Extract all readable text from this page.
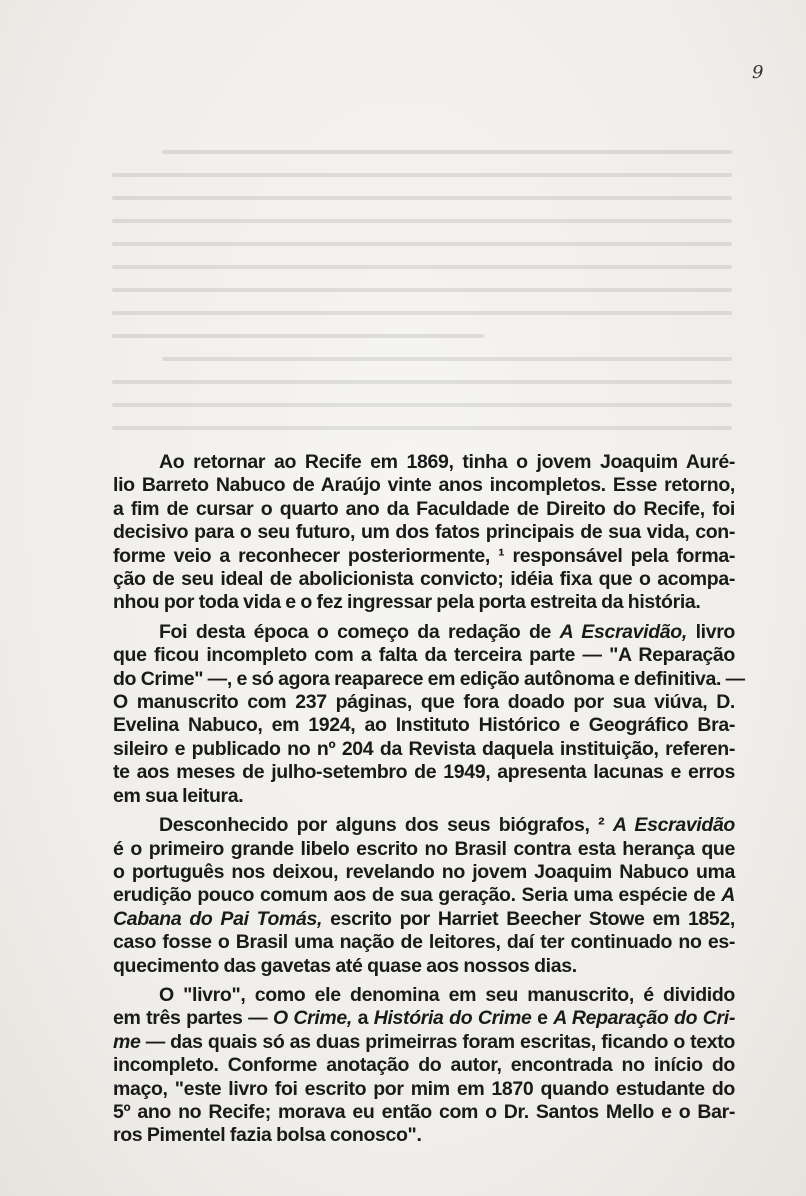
9
Ao retornar ao Recife em 1869, tinha o jovem Joaquim Auré-
lio Barreto Nabuco de Araújo vinte anos incompletos. Esse retorno,
a fim de cursar o quarto ano da Faculdade de Direito do Recife, foi
decisivo para o seu futuro, um dos fatos principais de sua vida, con-
forme veio a reconhecer posteriormente, ¹ responsável pela forma-
ção de seu ideal de abolicionista convicto; idéia fixa que o acompa-
nhou por toda vida e o fez ingressar pela porta estreita da história.
Foi desta época o começo da redação de A Escravidão, livro
que ficou incompleto com a falta da terceira parte — "A Reparação
do Crime" —, e só agora reaparece em edição autônoma e definitiva. —
O manuscrito com 237 páginas, que fora doado por sua viúva, D.
Evelina Nabuco, em 1924, ao Instituto Histórico e Geográfico Bra-
sileiro e publicado no nº 204 da Revista daquela instituição, referen-
te aos meses de julho-setembro de 1949, apresenta lacunas e erros
em sua leitura.
Desconhecido por alguns dos seus biógrafos, ² A Escravidão
é o primeiro grande libelo escrito no Brasil contra esta herança que
o português nos deixou, revelando no jovem Joaquim Nabuco uma
erudição pouco comum aos de sua geração. Seria uma espécie de A
Cabana do Pai Tomás, escrito por Harriet Beecher Stowe em 1852,
caso fosse o Brasil uma nação de leitores, daí ter continuado no es-
quecimento das gavetas até quase aos nossos dias.
O "livro", como ele denomina em seu manuscrito, é dividido
em três partes — O Crime, a História do Crime e A Reparação do Cri-
me — das quais só as duas primeirras foram escritas, ficando o texto
incompleto. Conforme anotação do autor, encontrada no início do
maço, "este livro foi escrito por mim em 1870 quando estudante do
5º ano no Recife; morava eu então com o Dr. Santos Mello e o Bar-
ros Pimentel fazia bolsa conosco".
